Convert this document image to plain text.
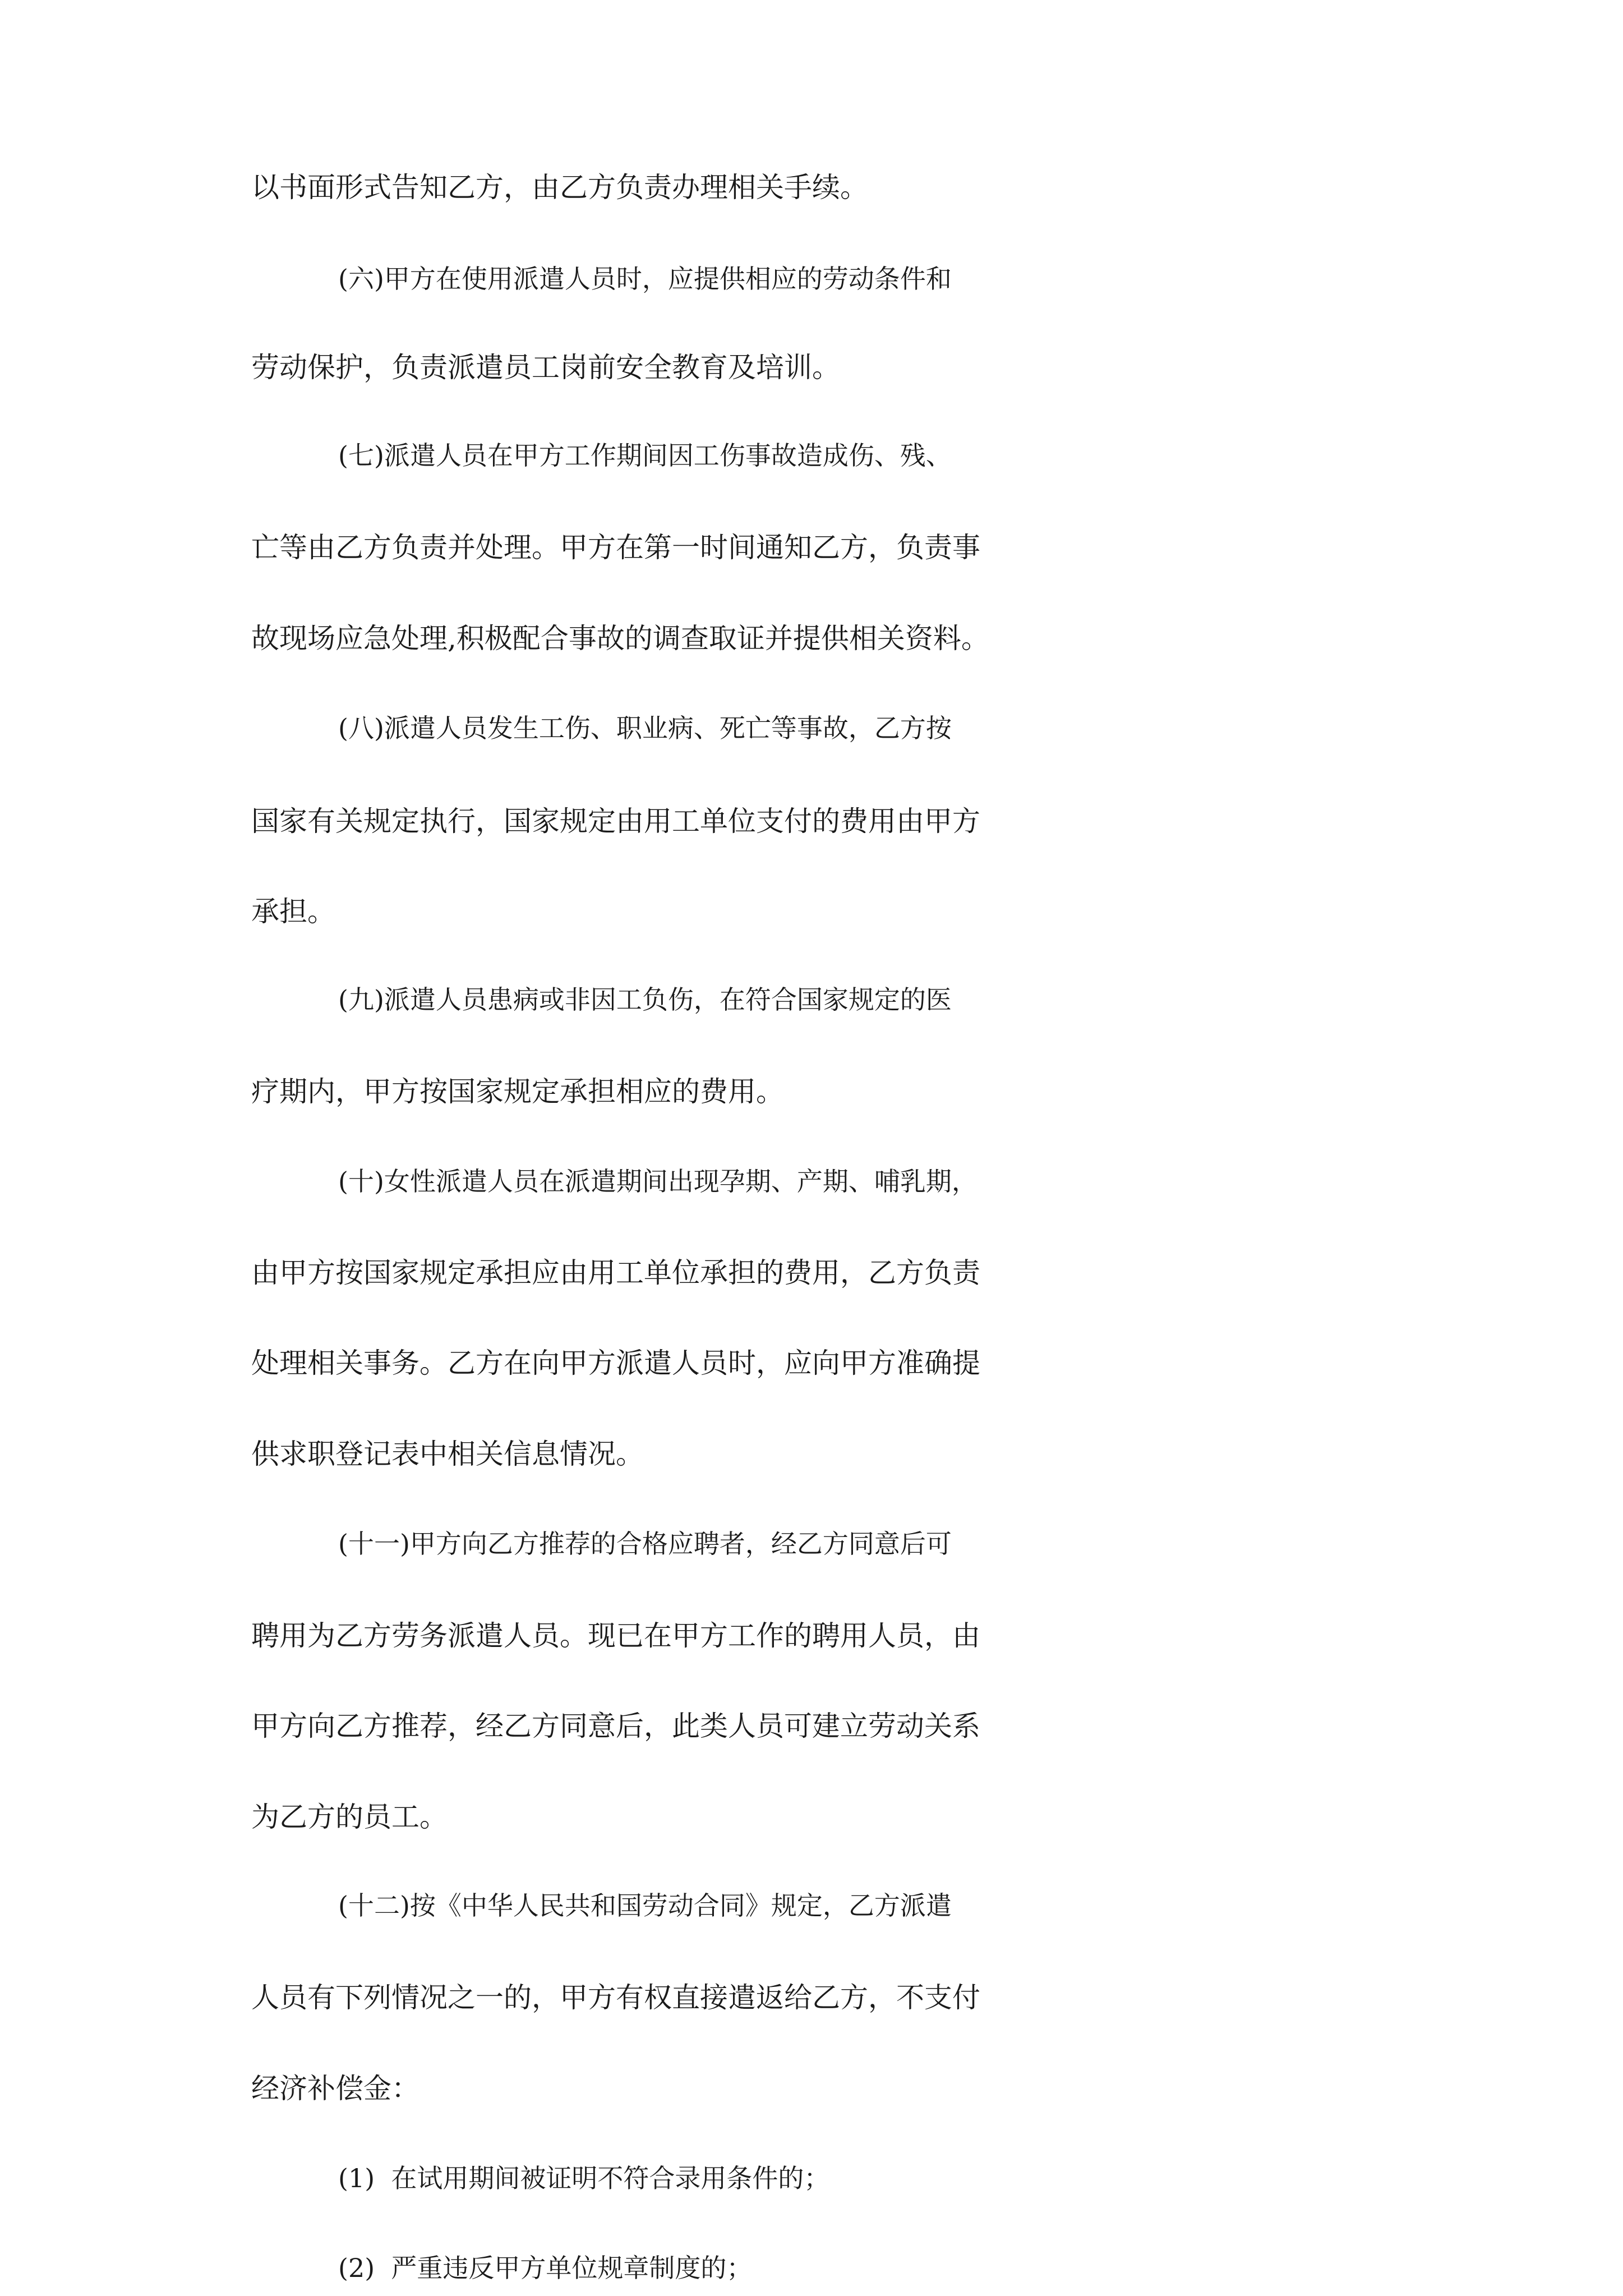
以书面形式告知乙方，由乙方负责办理相关手续。
(六)甲方在使用派遣人员时，应提供相应的劳动条件和
劳动保护，负责派遣员工岗前安全教育及培训。
(七)派遣人员在甲方工作期间因工伤事故造成伤、残、
亡等由乙方负责并处理。甲方在第一时间通知乙方，负责事
故现场应急处理,积极配合事故的调查取证并提供相关资料。
(八)派遣人员发生工伤、职业病、死亡等事故，乙方按
国家有关规定执行，国家规定由用工单位支付的费用由甲方
承担。
(九)派遣人员患病或非因工负伤，在符合国家规定的医
疗期内，甲方按国家规定承担相应的费用。
(十)女性派遣人员在派遣期间出现孕期、产期、哺乳期，
由甲方按国家规定承担应由用工单位承担的费用，乙方负责
处理相关事务。乙方在向甲方派遣人员时，应向甲方准确提
供求职登记表中相关信息情况。
(十一)甲方向乙方推荐的合格应聘者，经乙方同意后可
聘用为乙方劳务派遣人员。现已在甲方工作的聘用人员，由
甲方向乙方推荐，经乙方同意后，此类人员可建立劳动关系
为乙方的员工。
(十二)按《中华人民共和国劳动合同》规定，乙方派遣
人员有下列情况之一的，甲方有权直接遣返给乙方，不支付
经济补偿金：
(1)  在试用期间被证明不符合录用条件的；
(2)  严重违反甲方单位规章制度的；
